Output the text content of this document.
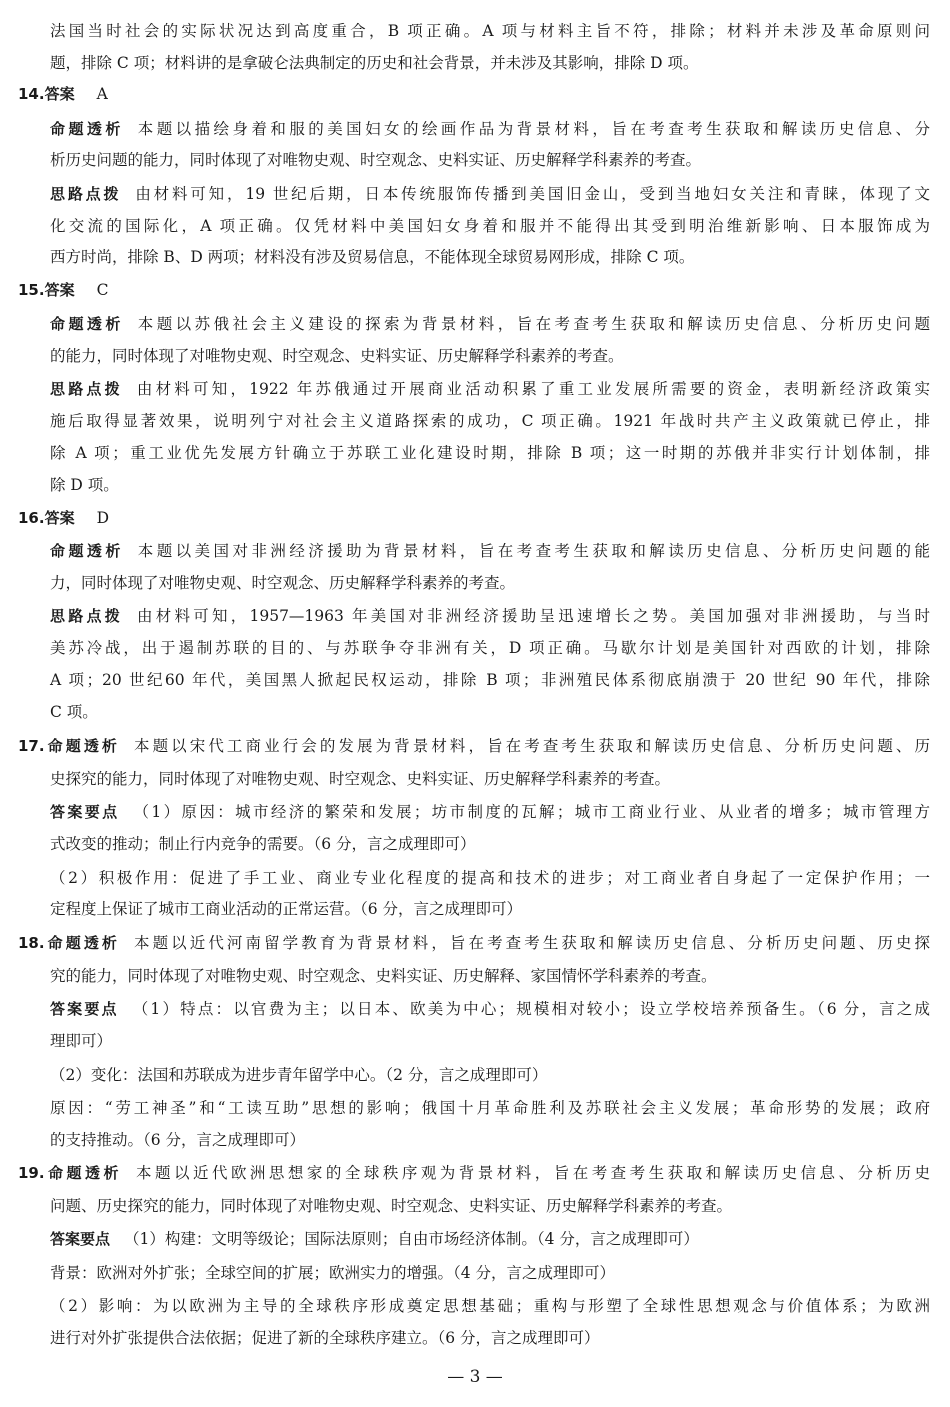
法国当时社会的实际状况达到高度重合，B 项正确。A 项与材料主旨不符，排除；材料并未涉及革命原则问
题，排除 C 项；材料讲的是拿破仑法典制定的历史和社会背景，并未涉及其影响，排除 D 项。
14.答案 A
命题透析 本题以描绘身着和服的美国妇女的绘画作品为背景材料，旨在考查考生获取和解读历史信息、分
析历史问题的能力，同时体现了对唯物史观、时空观念、史料实证、历史解释学科素养的考查。
思路点拨 由材料可知，19 世纪后期，日本传统服饰传播到美国旧金山，受到当地妇女关注和青睐，体现了文
化交流的国际化，A 项正确。仅凭材料中美国妇女身着和服并不能得出其受到明治维新影响、日本服饰成为
西方时尚，排除 B、D 两项；材料没有涉及贸易信息，不能体现全球贸易网形成，排除 C 项。
15.答案 C
命题透析 本题以苏俄社会主义建设的探索为背景材料，旨在考查考生获取和解读历史信息、分析历史问题
的能力，同时体现了对唯物史观、时空观念、史料实证、历史解释学科素养的考查。
思路点拨 由材料可知，1922 年苏俄通过开展商业活动积累了重工业发展所需要的资金，表明新经济政策实
施后取得显著效果，说明列宁对社会主义道路探索的成功，C 项正确。1921 年战时共产主义政策就已停止，排
除 A 项；重工业优先发展方针确立于苏联工业化建设时期，排除 B 项；这一时期的苏俄并非实行计划体制，排
除 D 项。
16.答案 D
命题透析 本题以美国对非洲经济援助为背景材料，旨在考查考生获取和解读历史信息、分析历史问题的能
力，同时体现了对唯物史观、时空观念、历史解释学科素养的考查。
思路点拨 由材料可知，1957—1963 年美国对非洲经济援助呈迅速增长之势。美国加强对非洲援助，与当时
美苏冷战，出于遏制苏联的目的、与苏联争夺非洲有关，D 项正确。马歇尔计划是美国针对西欧的计划，排除
A 项；20 世纪60 年代，美国黑人掀起民权运动，排除 B 项；非洲殖民体系彻底崩溃于 20 世纪 90 年代，排除
C 项。
17.命题透析 本题以宋代工商业行会的发展为背景材料，旨在考查考生获取和解读历史信息、分析历史问题、历
史探究的能力，同时体现了对唯物史观、时空观念、史料实证、历史解释学科素养的考查。
答案要点 （1）原因：城市经济的繁荣和发展；坊市制度的瓦解；城市工商业行业、从业者的增多；城市管理方
式改变的推动；制止行内竞争的需要。（6 分，言之成理即可）
（2）积极作用：促进了手工业、商业专业化程度的提高和技术的进步；对工商业者自身起了一定保护作用；一
定程度上保证了城市工商业活动的正常运营。（6 分，言之成理即可）
18.命题透析 本题以近代河南留学教育为背景材料，旨在考查考生获取和解读历史信息、分析历史问题、历史探
究的能力，同时体现了对唯物史观、时空观念、史料实证、历史解释、家国情怀学科素养的考查。
答案要点 （1）特点：以官费为主；以日本、欧美为中心；规模相对较小；设立学校培养预备生。（6 分，言之成
理即可）
（2）变化：法国和苏联成为进步青年留学中心。（2 分，言之成理即可）
原因：“劳工神圣”和“工读互助”思想的影响；俄国十月革命胜利及苏联社会主义发展；革命形势的发展；政府
的支持推动。（6 分，言之成理即可）
19.命题透析 本题以近代欧洲思想家的全球秩序观为背景材料，旨在考查考生获取和解读历史信息、分析历史
问题、历史探究的能力，同时体现了对唯物史观、时空观念、史料实证、历史解释学科素养的考查。
答案要点 （1）构建：文明等级论；国际法原则；自由市场经济体制。（4 分，言之成理即可）
背景：欧洲对外扩张；全球空间的扩展；欧洲实力的增强。（4 分，言之成理即可）
（2）影响：为以欧洲为主导的全球秩序形成奠定思想基础；重构与形塑了全球性思想观念与价值体系；为欧洲
进行对外扩张提供合法依据；促进了新的全球秩序建立。（6 分，言之成理即可）
— 3 —
